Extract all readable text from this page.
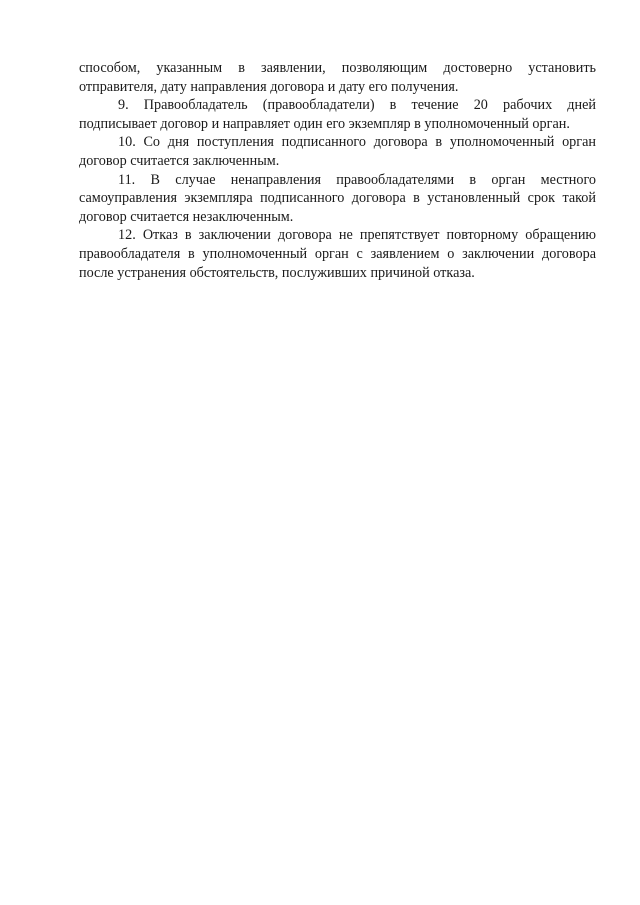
способом, указанным в заявлении, позволяющим достоверно установить отправителя, дату направления договора и дату его получения.

9. Правообладатель (правообладатели) в течение 20 рабочих дней подписывает договор и направляет один его экземпляр в уполномоченный орган.

10. Со дня поступления подписанного договора в уполномоченный орган договор считается заключенным.

11. В случае ненаправления правообладателями в орган местного самоуправления экземпляра подписанного договора в установленный срок такой договор считается незаключенным.

12. Отказ в заключении договора не препятствует повторному обращению правообладателя в уполномоченный орган с заявлением о заключении договора после устранения обстоятельств, послуживших причиной отказа.
